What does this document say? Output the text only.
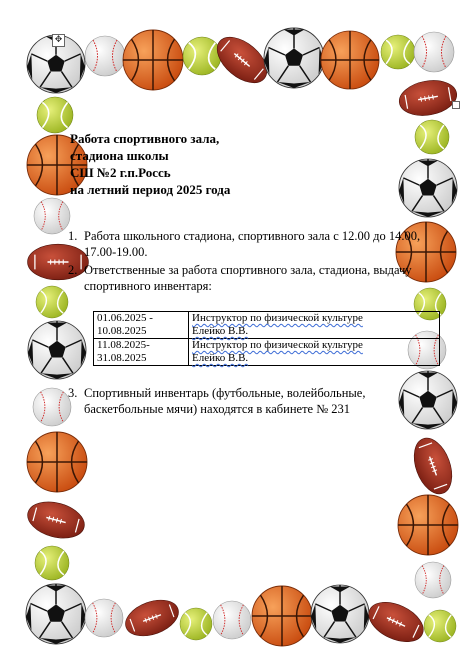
✥
Работа спортивного зала,
стадиона школы
СШ №2 г.п.Россь
на летний период 2025 года
1. Работа школьного стадиона, спортивного зала с 12.00 до 14.00, 17.00-19.00.
2. Ответственные за работа спортивного зала, стадиона, выдачу спортивного инвентаря:
01.06.2025 - 10.08.2025	Инструктор по физической культуре
Елейко В.В.

11.08.2025- 31.08.2025	Инструктор по физической культуре
Елейко В.В.
3. Спортивный инвентарь (футбольные, волейбольные, баскетбольные мячи) находятся в кабинете № 231
